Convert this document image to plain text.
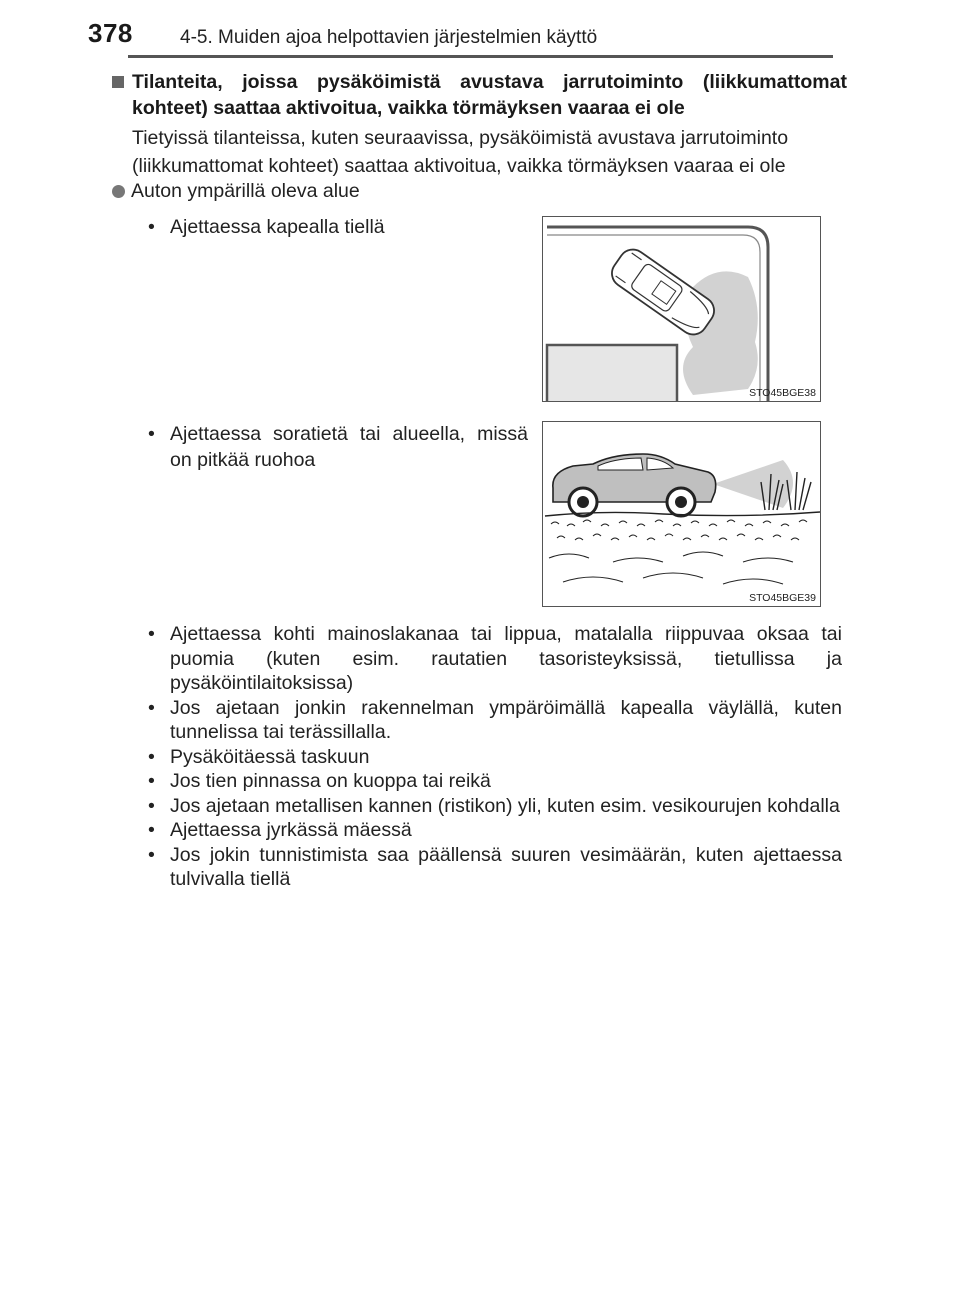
378 4-5. Muiden ajoa helpottavien järjestelmien käyttö
Tilanteita, joissa pysäköimistä avustava jarrutoiminto (liikkumattomat kohteet) saattaa aktivoitua, vaikka törmäyksen vaaraa ei ole
Tietyissä tilanteissa, kuten seuraavissa, pysäköimistä avustava jarrutoiminto (liikkumattomat kohteet) saattaa aktivoitua, vaikka törmäyksen vaaraa ei ole
Auton ympärillä oleva alue
• Ajettaessa kapealla tiellä
STO45BGE38
• Ajettaessa soratietä tai alueella, missä on pitkää ruohoa
STO45BGE39
• Ajettaessa kohti mainoslakanaa tai lippua, matalalla riippuvaa oksaa tai puomia (kuten esim. rautatien tasoristeyksissä, tietullissa ja pysäköintilaitoksissa)
• Jos ajetaan jonkin rakennelman ympäröimällä kapealla väylällä, kuten tunnelissa tai terässillalla.
• Pysäköitäessä taskuun
• Jos tien pinnassa on kuoppa tai reikä
• Jos ajetaan metallisen kannen (ristikon) yli, kuten esim. vesikourujen kohdalla
• Ajettaessa jyrkässä mäessä
• Jos jokin tunnistimista saa päällensä suuren vesimäärän, kuten ajettaessa tulvivalla tiellä
